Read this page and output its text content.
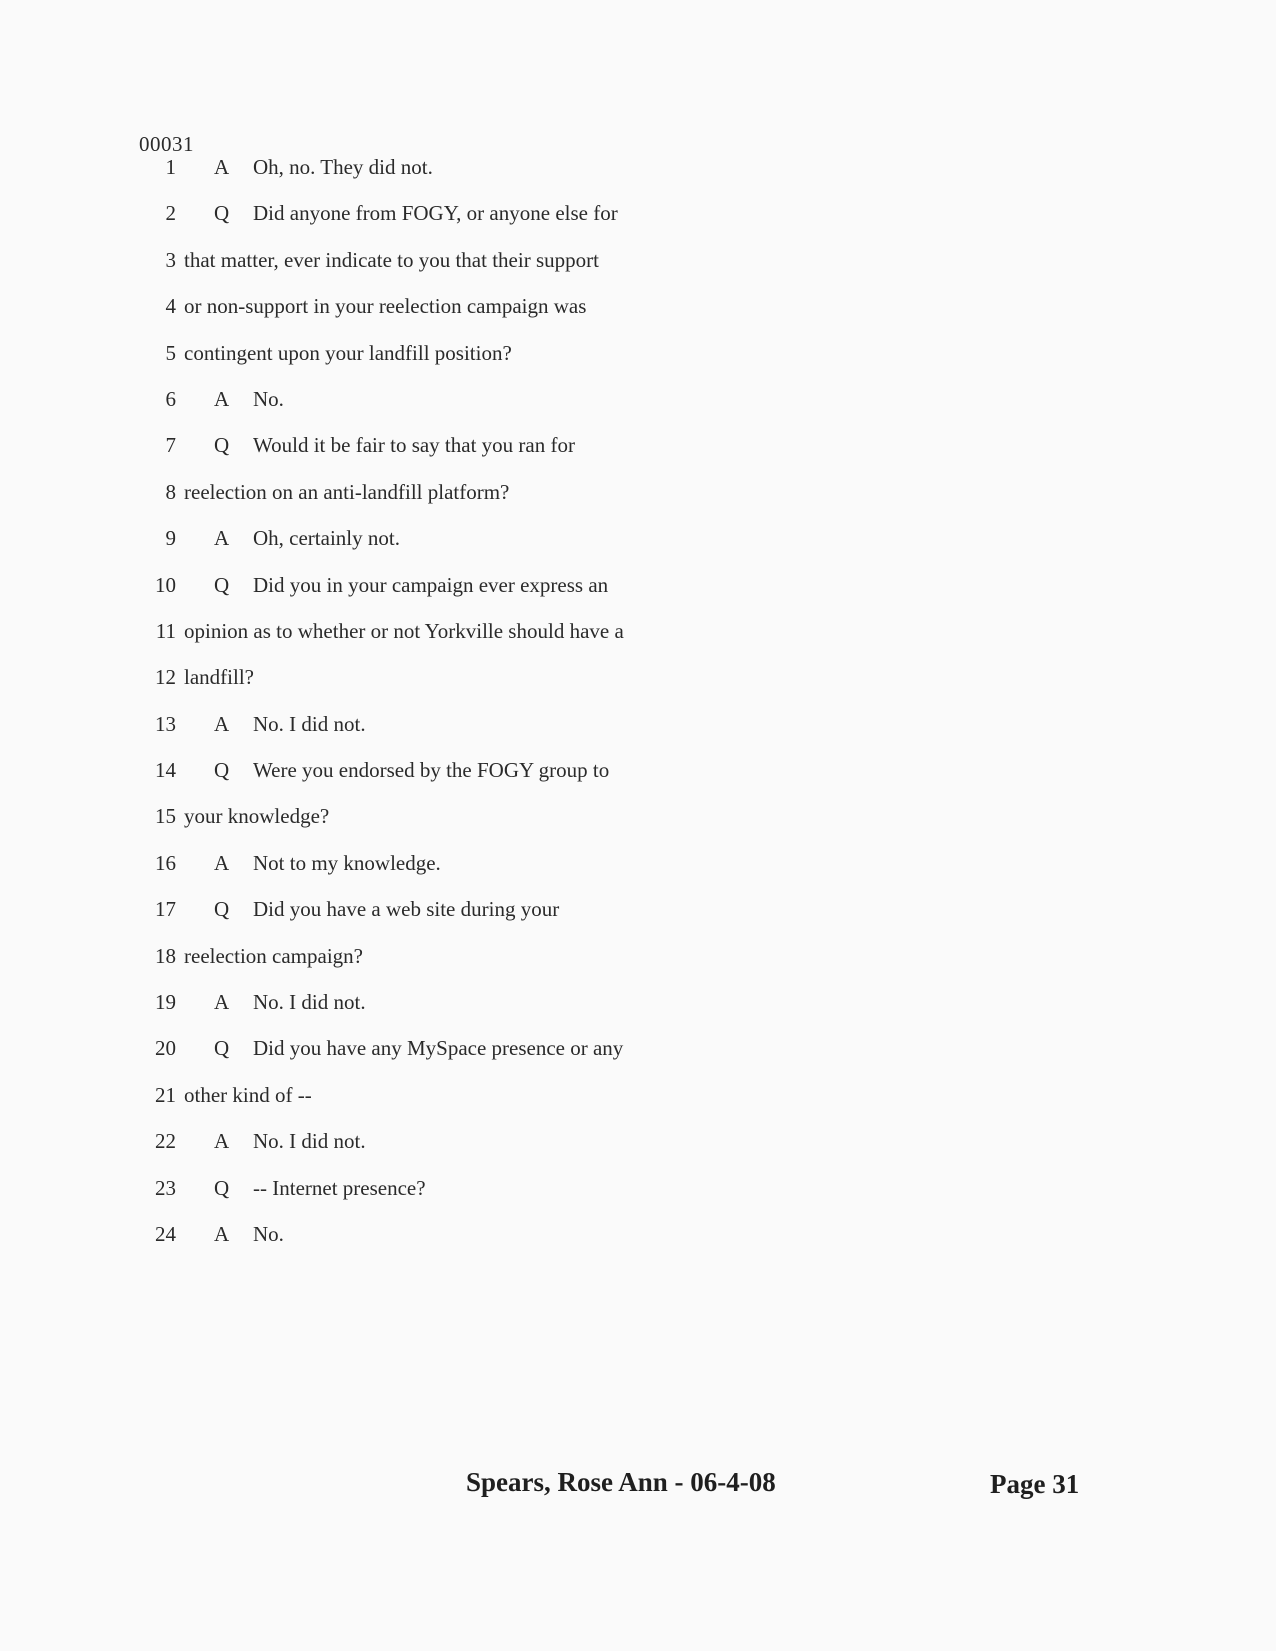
00031
1 A Oh, no. They did not.
2 Q Did anyone from FOGY, or anyone else for
3 that matter, ever indicate to you that their support
4 or non-support in your reelection campaign was
5 contingent upon your landfill position?
6 A No.
7 Q Would it be fair to say that you ran for
8 reelection on an anti-landfill platform?
9 A Oh, certainly not.
10 Q Did you in your campaign ever express an
11 opinion as to whether or not Yorkville should have a
12 landfill?
13 A No. I did not.
14 Q Were you endorsed by the FOGY group to
15 your knowledge?
16 A Not to my knowledge.
17 Q Did you have a web site during your
18 reelection campaign?
19 A No. I did not.
20 Q Did you have any MySpace presence or any
21 other kind of --
22 A No. I did not.
23 Q -- Internet presence?
24 A No.
Spears, Rose Ann - 06-4-08	Page 31
